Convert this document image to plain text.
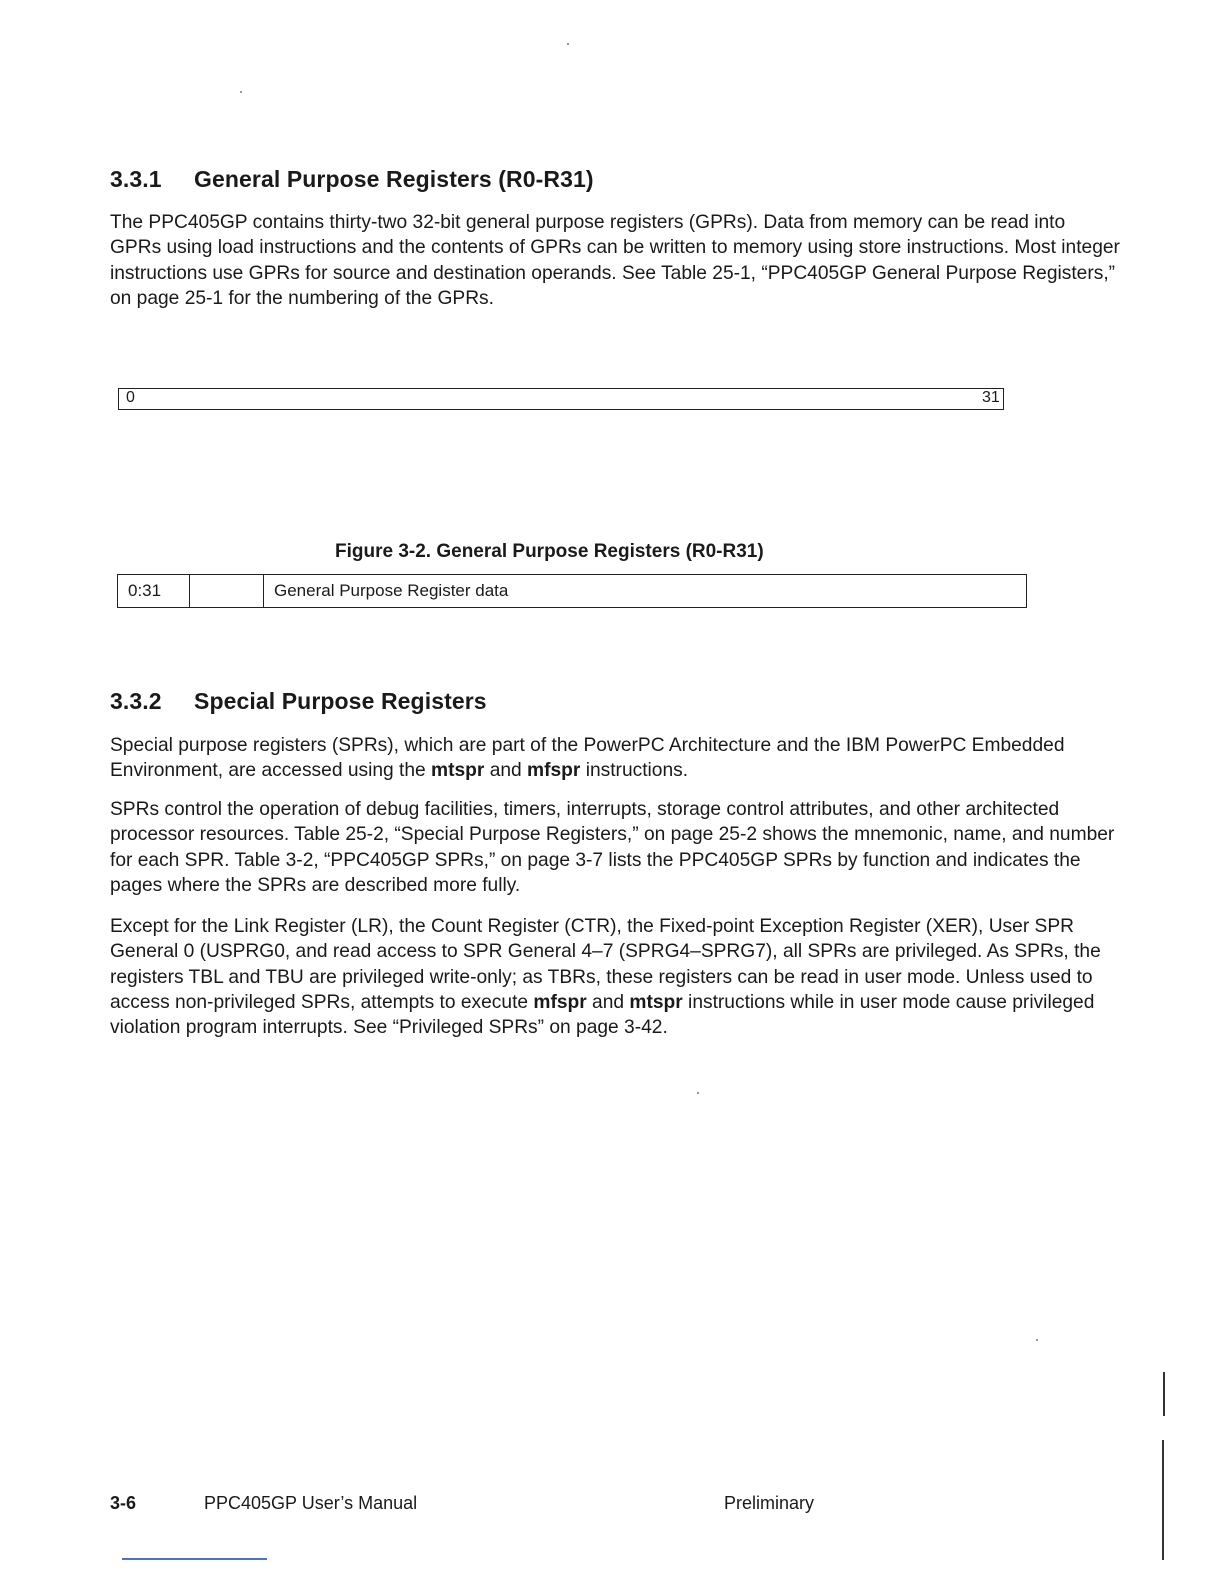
3.3.1 General Purpose Registers (R0-R31)

The PPC405GP contains thirty-two 32-bit general purpose registers (GPRs). Data from memory can be read into GPRs using load instructions and the contents of GPRs can be written to memory using store instructions. Most integer instructions use GPRs for source and destination operands. See Table 25-1, “PPC405GP General Purpose Registers,” on page 25-1 for the numbering of the GPRs.

0	31
Figure 3-2. General Purpose Registers (R0-R31)
0:31		General Purpose Register data
3.3.2 Special Purpose Registers

Special purpose registers (SPRs), which are part of the PowerPC Architecture and the IBM PowerPC Embedded Environment, are accessed using the mtspr and mfspr instructions.

SPRs control the operation of debug facilities, timers, interrupts, storage control attributes, and other architected processor resources. Table 25-2, “Special Purpose Registers,” on page 25-2 shows the mnemonic, name, and number for each SPR. Table 3-2, “PPC405GP SPRs,” on page 3-7 lists the PPC405GP SPRs by function and indicates the pages where the SPRs are described more fully.

Except for the Link Register (LR), the Count Register (CTR), the Fixed-point Exception Register (XER), User SPR General 0 (USPRG0, and read access to SPR General 4–7 (SPRG4–SPRG7), all SPRs are privileged. As SPRs, the registers TBL and TBU are privileged write-only; as TBRs, these registers can be read in user mode. Unless used to access non-privileged SPRs, attempts to execute mfspr and mtspr instructions while in user mode cause privileged violation program interrupts. See “Privileged SPRs” on page 3-42.

3-6	PPC405GP User’s Manual	Preliminary
